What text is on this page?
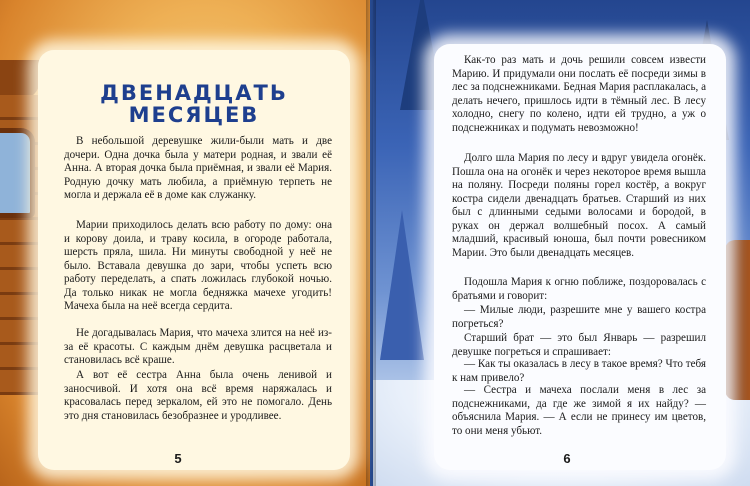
ДВЕНАДЦАТЬ
МЕСЯЦЕВ

В небольшой деревушке жили-были мать и две дочери. Одна дочка была у матери родная, и звали её Анна. А вторая дочка была приёмная, и звали её Мария. Родную дочку мать любила, а приёмную терпеть не могла и держала её в доме как служанку.

Марии приходилось делать всю работу по дому: она и корову доила, и траву косила, в огороде работала, шерсть пряла, шила. Ни минуты свободной у неё не было. Вставала девушка до зари, чтобы успеть всю работу переделать, а спать ложилась глубокой ночью. Да только никак не могла бедняжка мачехе угодить! Мачеха была на неё всегда сердита.

Не догадывалась Мария, что мачеха злится на неё из-за её красоты. С каждым днём девушка расцветала и становилась всё краше.

А вот её сестра Анна была очень ленивой и заносчивой. И хотя она всё время наряжалась и красовалась перед зеркалом, ей это не помогало. День это дня становилась безобразнее и уродливее.

5

Как-то раз мать и дочь решили совсем извести Марию. И придумали они послать её посреди зимы в лес за подснежниками. Бедная Мария расплакалась, а делать нечего, пришлось идти в тёмный лес. В лесу холодно, снегу по колено, идти ей трудно, а уж о подснежниках и подумать невозможно!

Долго шла Мария по лесу и вдруг увидела огонёк. Пошла она на огонёк и через некоторое время вышла на поляну. Посреди поляны горел костёр, а вокруг костра сидели двенадцать братьев. Старший из них был с длинными седыми волосами и бородой, в руках он держал волшебный посох. А самый младший, красивый юноша, был почти ровесником Марии. Это были двенадцать месяцев.

Подошла Мария к огню поближе, поздоровалась с братьями и говорит:

— Милые люди, разрешите мне у вашего костра погреться?

Старший брат — это был Январь — разрешил девушке погреться и спрашивает:

— Как ты оказалась в лесу в такое время? Что тебя к нам привело?

— Сестра и мачеха послали меня в лес за подснежниками, да где же зимой я их найду? — объяснила Мария. — А если не принесу им цветов, то они меня убьют.

6
